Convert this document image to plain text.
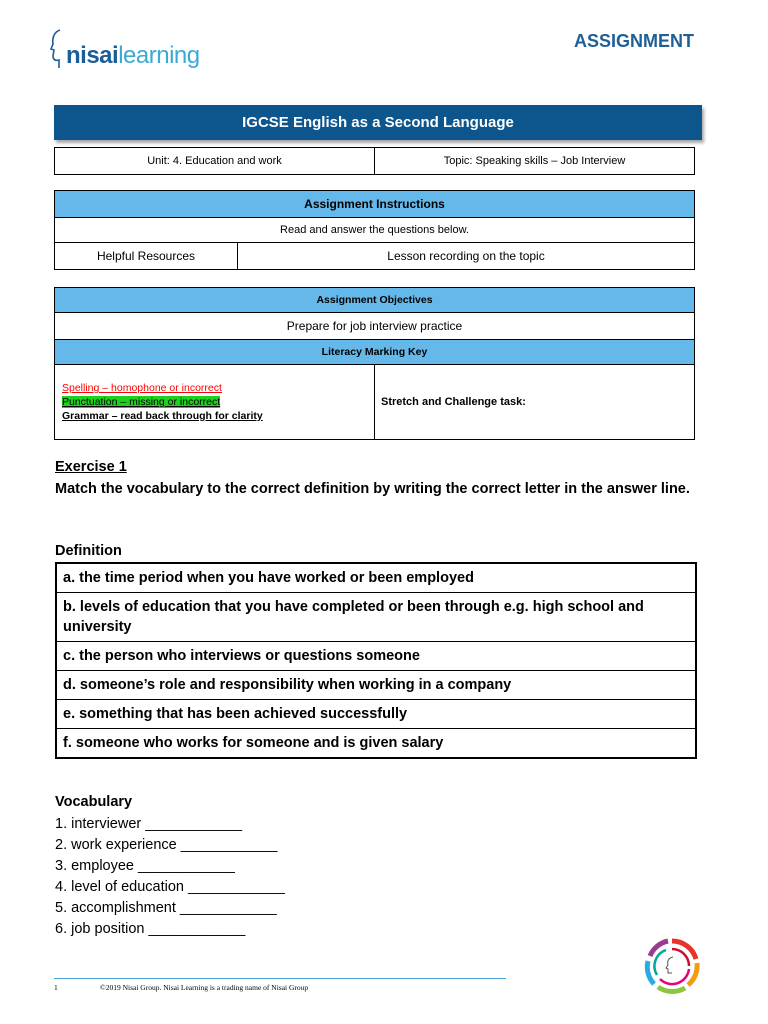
nisailearning
ASSIGNMENT
IGCSE English as a Second Language
Unit: 4. Education and work	Topic: Speaking skills – Job Interview
Assignment Instructions
Read and answer the questions below.
Helpful Resources	Lesson recording on the topic
Assignment Objectives
Prepare for job interview practice
Literacy Marking Key

Spelling – homophone or incorrect
Punctuation – missing or incorrect
Grammar – read back through for clarity

Stretch and Challenge task:
Exercise 1
Match the vocabulary to the correct definition by writing the correct letter in the answer line.
Definition
a. the time period when you have worked or been employed
b. levels of education that you have completed or been through e.g. high school and university
c. the person who interviews or questions someone
d. someone’s role and responsibility when working in a company
e. something that has been achieved successfully
f. someone who works for someone and is given salary
Vocabulary
1. interviewer ____________
2. work experience ____________
3. employee ____________
4. level of education ____________
5. accomplishment ____________
6. job position ____________
1	©2019 Nisai Group. Nisai Learning is a trading name of Nisai Group
